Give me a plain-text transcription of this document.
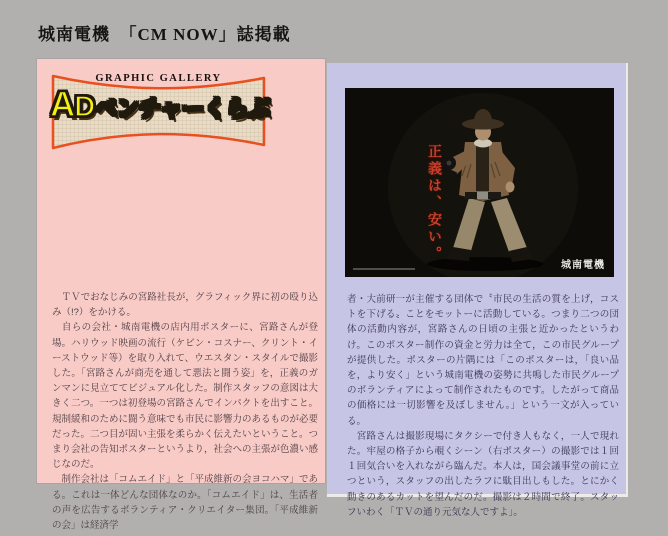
城南電機　「CM NOW」誌掲載
GRAPHIC GALLERY
ADベンチャーくらぶ

　ＴＶでおなじみの宮路社長が，グラフィック界に初の殴り込み（!?）をかける。

　自らの会社・城南電機の店内用ポスターに、宮路さんが登場。ハリウッド映画の流行（ケビン・コスナー、クリント・イーストウッド等）を取り入れて、ウエスタン・スタイルで撮影した。「宮路さんが商売を通して悪法と闘う姿」を，正義のガンマンに見立ててビジュアル化した。制作スタッフの意図は大きく二つ。一つは初登場の宮路さんでインパクトを出すこと。規制緩和のために闘う意味でも市民に影響力のあるものが必要だった。二つ目が固い主張を柔らかく伝えたいということ。つまり会社の告知ポスターというより，社会への主張が色濃い感じなのだ。

　制作会社は「コムエイド」と「平成維新の会ヨコハマ」である。これは一体どんな団体なのか。「コムエイド」は、生活者の声を広告するボランティア・クリエイター集団。「平成維新の会」は経済学

正義は、安い。
城南電機

者・大前研一が主催する団体で〝市民の生活の質を上げ，コストを下げる〟ことをモットーに活動している。つまり二つの団体の活動内容が，宮路さんの日頃の主張と近かったというわけ。このポスター制作の資金と労力は全て，この市民グループが提供した。ポスターの片隅には「このポスターは，「良い品を，より安く」という城南電機の姿勢に共鳴した市民グループのボランティアによって制作されたものです。したがって商品の価格には一切影響を及ぼしません。」という一文が入っている。

　宮路さんは撮影現場にタクシーで付き人もなく，一人で現れた。牢屋の格子から覗くシーン（右ポスター）の撮影では１回１回気合いを入れながら臨んだ。本人は，国会議事堂の前に立つという，スタッフの出したラフに駄目出しもした。とにかく動きのあるカットを望んだのだ。撮影は２時間で終了。スタッフいわく「ＴＶの通り元気な人ですよ」。
